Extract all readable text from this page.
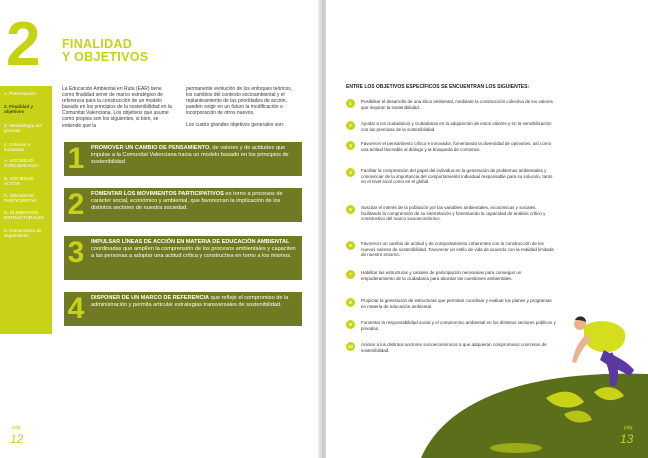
2 FINALIDAD
Y OBJETIVOS
1. Presentación
2. Finalidad y objetivos
3. Metodología del proceso
4. Criterios e iniciativas
A. SOCIEDAD CONCIENCIADA
B. SOCIEDAD ACTIVA
C. SOCIEDAD PARTICIPATIVA
D. ELEMENTOS ESTRUCTURALES
5. Compromiso de seguimiento
La Educación Ambiental en Ruta (EAR) tiene como finalidad servir de marco estratégico de referencia para la construcción de un modelo basado en los principios de la sostenibilidad en la Comunitat Valenciana. Los objetivos que asume como propios son los siguientes, si bien, se entiende que la
permanente evolución de los enfoques teóricos, los cambios del contexto socioambiental y el replanteamiento de las prioridades de acción, pueden exigir en un futuro la modificación o incorporación de otros nuevos.
Los cuatro grandes objetivos generales son:
1	PROMOVER UN CAMBIO DE PENSAMIENTO, de valores y de actitudes que impulse a la Comunitat Valenciana hacia un modelo basado en los principios de sostenibilidad.
2	FOMENTAR LOS MOVIMIENTOS PARTICIPATIVOS en torno a procesos de carácter social, económico y ambiental, que favorezcan la implicación de los distintos sectores de nuestra sociedad.
3	IMPULSAR LÍNEAS DE ACCIÓN EN MATERIA DE EDUCACIÓN AMBIENTAL coordinadas que amplíen la comprensión de los procesos ambientales y capaciten a las personas a adoptar una actitud crítica y constructiva en torno a los mismos.
4	DISPONER DE UN MARCO DE REFERENCIA que refleje el compromiso de la administración y permita articular estrategias transversales de sostenibilidad.
pág.
12
ENTRE LOS OBJETIVOS ESPECÍFICOS SE ENCUENTRAN LOS SIGUIENTES:
1	Posibilitar el desarrollo de una ética ambiental, mediante la construcción colectiva de los valores que inspiran la sostenibilidad.
2	Ayudar a los ciudadanos y ciudadanas en la adquisición de estos valores y en la sensibilización con las premisas de la sostenibilidad.
3	Favorecer el pensamiento crítico e innovador, fomentando la diversidad de opiniones, así como una actitud favorable al diálogo y la búsqueda de consenso.
4	Facilitar la comprensión del papel del individuo en la generación de problemas ambientales y concienciar de la importancia del comportamiento individual responsable para su solución, tanto en el nivel local como en el global.
5	Suscitar el interés de la población por las variables ambientales, económicas y sociales, facilitando la comprensión de su interrelación y fomentando la capacidad de análisis crítico y constructivo del marco socioeconómico.
6	Favorecer un cambio de actitud y de comportamiento coherentes con la construcción de los nuevos valores de sostenibilidad. Favorecer un estilo de vida de acuerdo con la realidad limitada de nuestro entorno.
7	Habilitar las estructuras y canales de participación necesarias para conseguir un empoderamiento de la ciudadanía para abordar las cuestiones ambientales.
8	Propiciar la generación de estructuras que permitan coordinar y evaluar los planes y programas en materia de educación ambiental.
9	Fomentar la responsabilidad social y el compromiso ambiental en los distintos sectores públicos y privados.
10	Animar a los distintos sectores socioeconómicos a que adquieran compromisos concretos de sostenibilidad.
pág.
13
